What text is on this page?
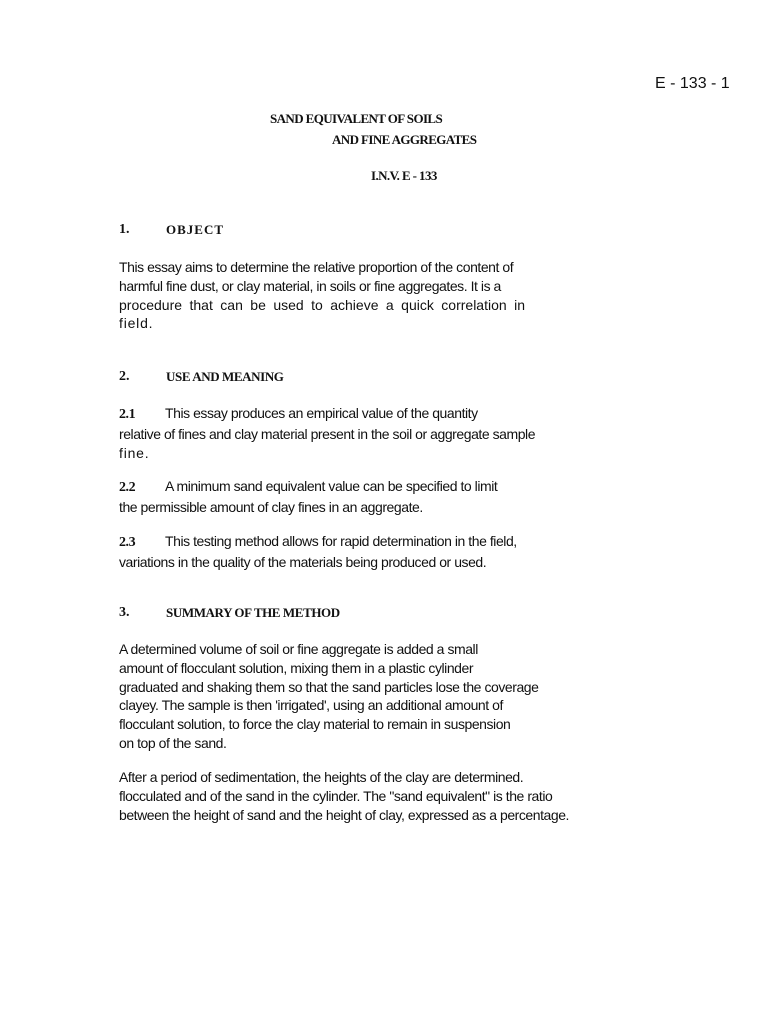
E - 133 - 1
SAND EQUIVALENT OF SOILS
AND FINE AGGREGATES
I.N.V. E - 133
1.	OBJECT
This essay aims to determine the relative proportion of the content of
harmful fine dust, or clay material, in soils or fine aggregates. It is a
procedure that can be used to achieve a quick correlation in
field.
2.	USE AND MEANING
2.1 This essay produces an empirical value of the quantity
relative of fines and clay material present in the soil or aggregate sample
fine.
2.2 A minimum sand equivalent value can be specified to limit
the permissible amount of clay fines in an aggregate.
2.3 This testing method allows for rapid determination in the field,
variations in the quality of the materials being produced or used.
3.	SUMMARY OF THE METHOD
A determined volume of soil or fine aggregate is added a small
amount of flocculant solution, mixing them in a plastic cylinder
graduated and shaking them so that the sand particles lose the coverage
clayey. The sample is then 'irrigated', using an additional amount of
flocculant solution, to force the clay material to remain in suspension
on top of the sand.
After a period of sedimentation, the heights of the clay are determined.
flocculated and of the sand in the cylinder. The "sand equivalent" is the ratio
between the height of sand and the height of clay, expressed as a percentage.
